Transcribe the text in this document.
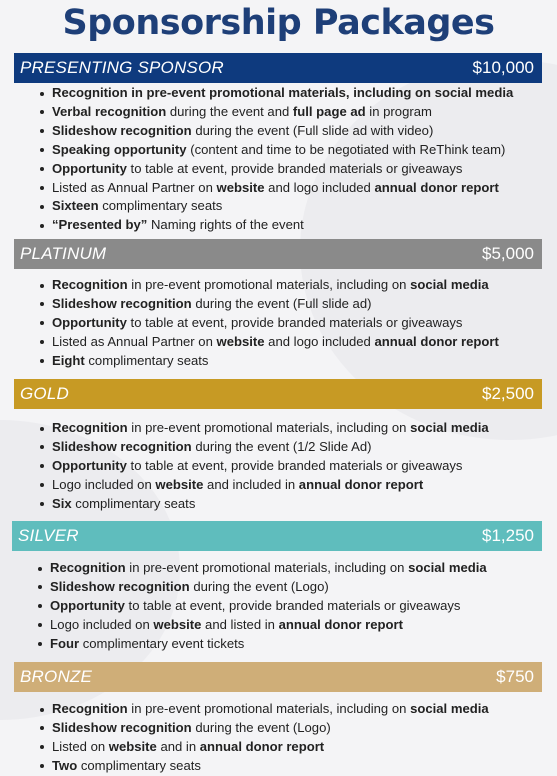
Sponsorship Packages
PRESENTING SPONSOR	$10,000
Recognition in pre-event promotional materials, including on social media
Verbal recognition during the event and full page ad in program
Slideshow recognition during the event (Full slide ad with video)
Speaking opportunity (content and time to be negotiated with ReThink team)
Opportunity to table at event, provide branded materials or giveaways
Listed as Annual Partner on website and logo included annual donor report
Sixteen complimentary seats
“Presented by” Naming rights of the event
PLATINUM	$5,000
Recognition in pre-event promotional materials, including on social media
Slideshow recognition during the event (Full slide ad)
Opportunity to table at event, provide branded materials or giveaways
Listed as Annual Partner on website and logo included annual donor report
Eight complimentary seats
GOLD	$2,500
Recognition in pre-event promotional materials, including on social media
Slideshow recognition during the event (1/2 Slide Ad)
Opportunity to table at event, provide branded materials or giveaways
Logo included on website and included in annual donor report
Six complimentary seats
SILVER	$1,250
Recognition in pre-event promotional materials, including on social media
Slideshow recognition during the event (Logo)
Opportunity to table at event, provide branded materials or giveaways
Logo included on website and listed in annual donor report
Four complimentary event tickets
BRONZE	$750
Recognition in pre-event promotional materials, including on social media
Slideshow recognition during the event (Logo)
Listed on website and in annual donor report
Two complimentary seats
